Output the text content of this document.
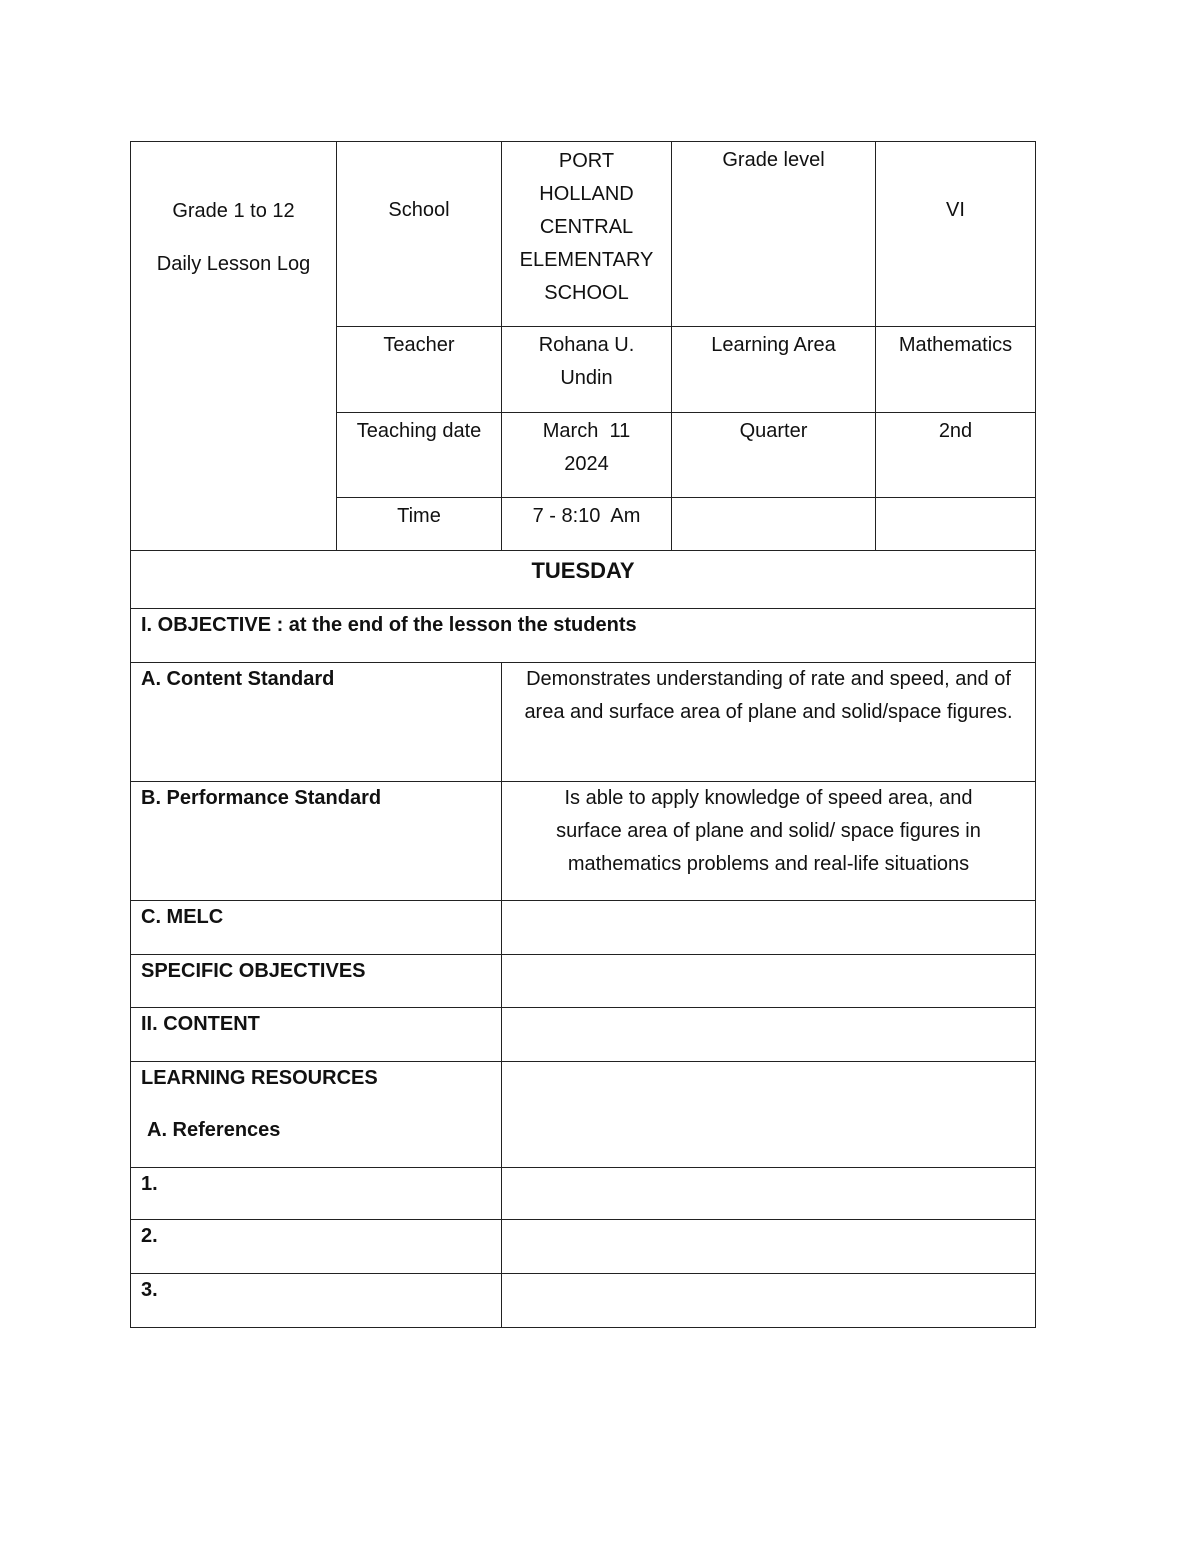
Grade 1 to 12
Daily Lesson Log	School	PORT HOLLAND CENTRAL ELEMENTARY SCHOOL	Grade level	VI
	Teacher	Rohana U. Undin	Learning Area	Mathematics
	Teaching date	March  11 2024	Quarter	2nd
	Time	7 - 8:10  Am		
TUESDAY				
I. OBJECTIVE : at the end of the lesson the students				
A. Content Standard		Demonstrates understanding of rate and speed, and of area and surface area of plane and solid/space figures.		
B. Performance Standard		Is able to apply knowledge of speed area, and surface area of plane and solid/ space figures in mathematics problems and real-life situations		
C. MELC				
SPECIFIC OBJECTIVES				
II. CONTENT				

LEARNING RESOURCES
A. References				
1.				
2.				
3.				
